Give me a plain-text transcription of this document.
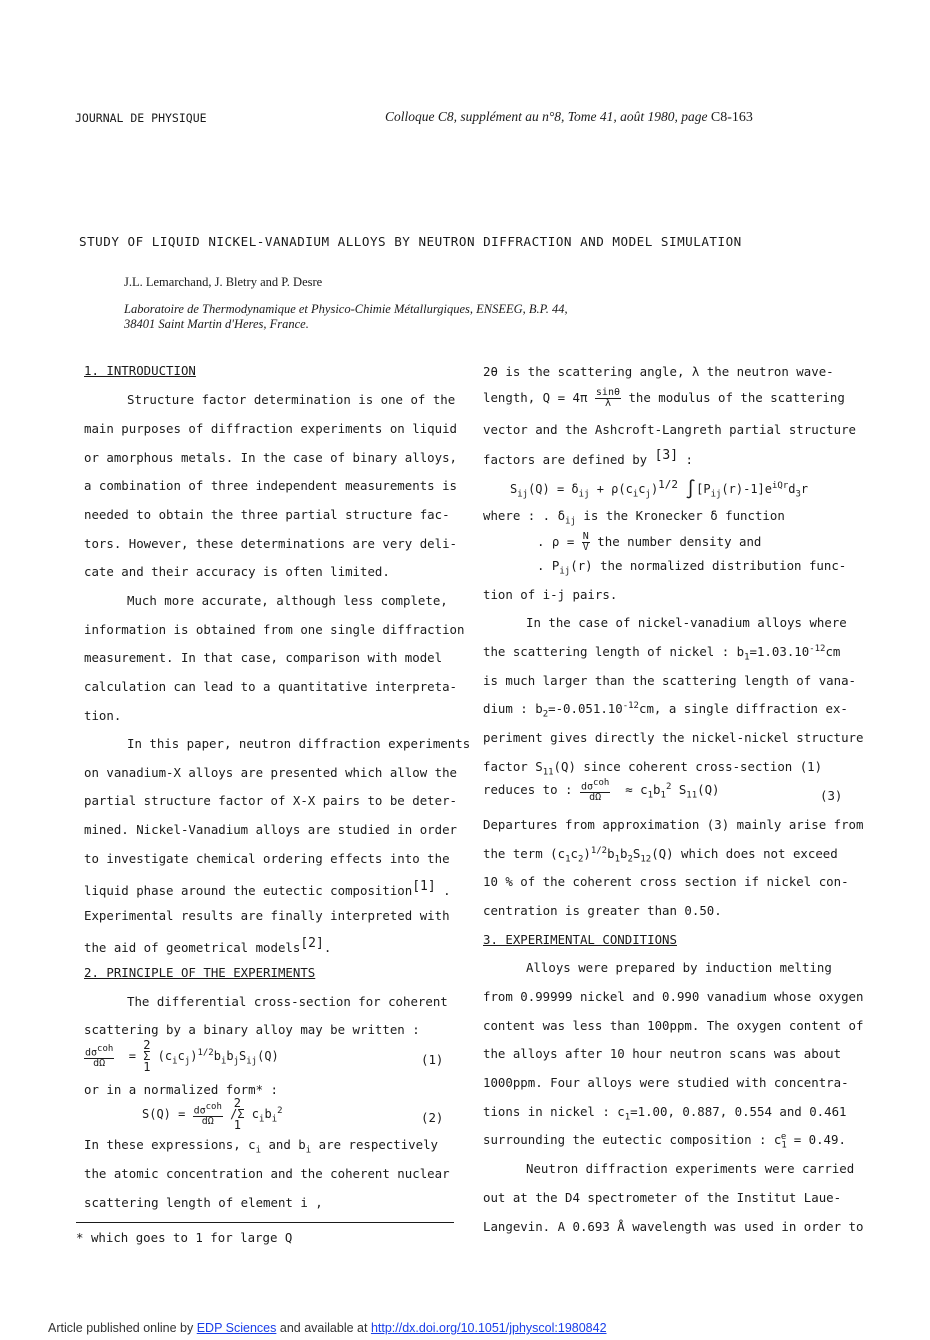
JOURNAL DE PHYSIQUE	Colloque C8, supplément au n°8, Tome 41, août 1980, page C8-163
STUDY OF LIQUID NICKEL-VANADIUM ALLOYS BY NEUTRON DIFFRACTION AND MODEL SIMULATION
J.L. Lemarchand, J. Bletry and P. Desre
Laboratoire de Thermodynamique et Physico-Chimie Métallurgiques, ENSEEG, B.P. 44,
38401 Saint Martin d'Heres, France.
1. INTRODUCTION
Structure factor determination is one of the
main purposes of diffraction experiments on liquid
or amorphous metals. In the case of binary alloys,
a combination of three independent measurements is
needed to obtain the three partial structure fac-
tors. However, these determinations are very deli-
cate and their accuracy is often limited.
Much more accurate, although less complete,
information is obtained from one single diffraction
measurement. In that case, comparison with model
calculation can lead to a quantitative interpreta-
tion.
In this paper, neutron diffraction experiments
on vanadium-X alloys are presented which allow the
partial structure factor of X-X pairs to be deter-
mined. Nickel-Vanadium alloys are studied in order
to investigate chemical ordering effects into the
liquid phase around the eutectic composition[1] .
Experimental results are finally interpreted with
the aid of geometrical models[2].
2. PRINCIPLE OF THE EXPERIMENTS
The differential cross-section for coherent
scattering by a binary alloy may be written :
$\frac{d\sigma^{coh}}{d\Omega} = 2$
Σ
1 $(c_ic_j)^{1/2}b_ib_jS_{ij}(Q)$	(1)
or in a normalized form* :
$S(Q) = \frac{d\sigma^{coh}}{d\Omega} 2$
/Σ
1 $c_ib_i^2$	(2)
In these expressions, $c_i$ and $b_i$ are respectively
the atomic concentration and the coherent nuclear
scattering length of element i ,
* which goes to 1 for large Q
2θ is the scattering angle, λ the neutron wave-
length, $Q = 4\pi \frac{\sin\theta}{\lambda}$ the modulus of the scattering
vector and the Ashcroft-Langreth partial structure
factors are defined by [3] :
$S_{ij}(Q) = \delta_{ij} + \rho(c_ic_j)^{1/2}$ $\int[P_{ij}(r)-1]e^{iQr}d_3r$
where : . $\delta_{ij}$ is the Kronecker δ function
. $\rho = \frac{N}{V}$ the number density and
. $P_{ij}(r)$ the normalized distribution func-
tion of i-j pairs.
In the case of nickel-vanadium alloys where
the scattering length of nickel : $b_1=1.03.10^{-12}cm$
is much larger than the scattering length of vana-
dium : $b_2=-0.051.10^{-12}cm$, a single diffraction ex-
periment gives directly the nickel-nickel structure
factor $S_{11}(Q)$ since coherent cross-section (1)
reduces to : $\frac{d\sigma^{coh}}{d\Omega} \approx c_1b_1^2$ $S_{11}(Q)$	(3)
Departures from approximation (3) mainly arise from
the term $(c_1c_2)^{1/2}b_1b_2S_{12}(Q)$ which does not exceed
10 % of the coherent cross section if nickel con-
centration is greater than 0.50.
3. EXPERIMENTAL CONDITIONS
Alloys were prepared by induction melting
from 0.99999 nickel and 0.990 vanadium whose oxygen
content was less than 100ppm. The oxygen content of
the alloys after 10 hour neutron scans was about
1000ppm. Four alloys were studied with concentra-
tions in nickel : $c_1=1.00$, 0.887, 0.554 and 0.461
surrounding the eutectic composition : $c_1^e = 0.49$.
Neutron diffraction experiments were carried
out at the D4 spectrometer of the Institut Laue-
Langevin. A 0.693 Å wavelength was used in order to
Article published online by EDP Sciences and available at http://dx.doi.org/10.1051/jphyscol:1980842
